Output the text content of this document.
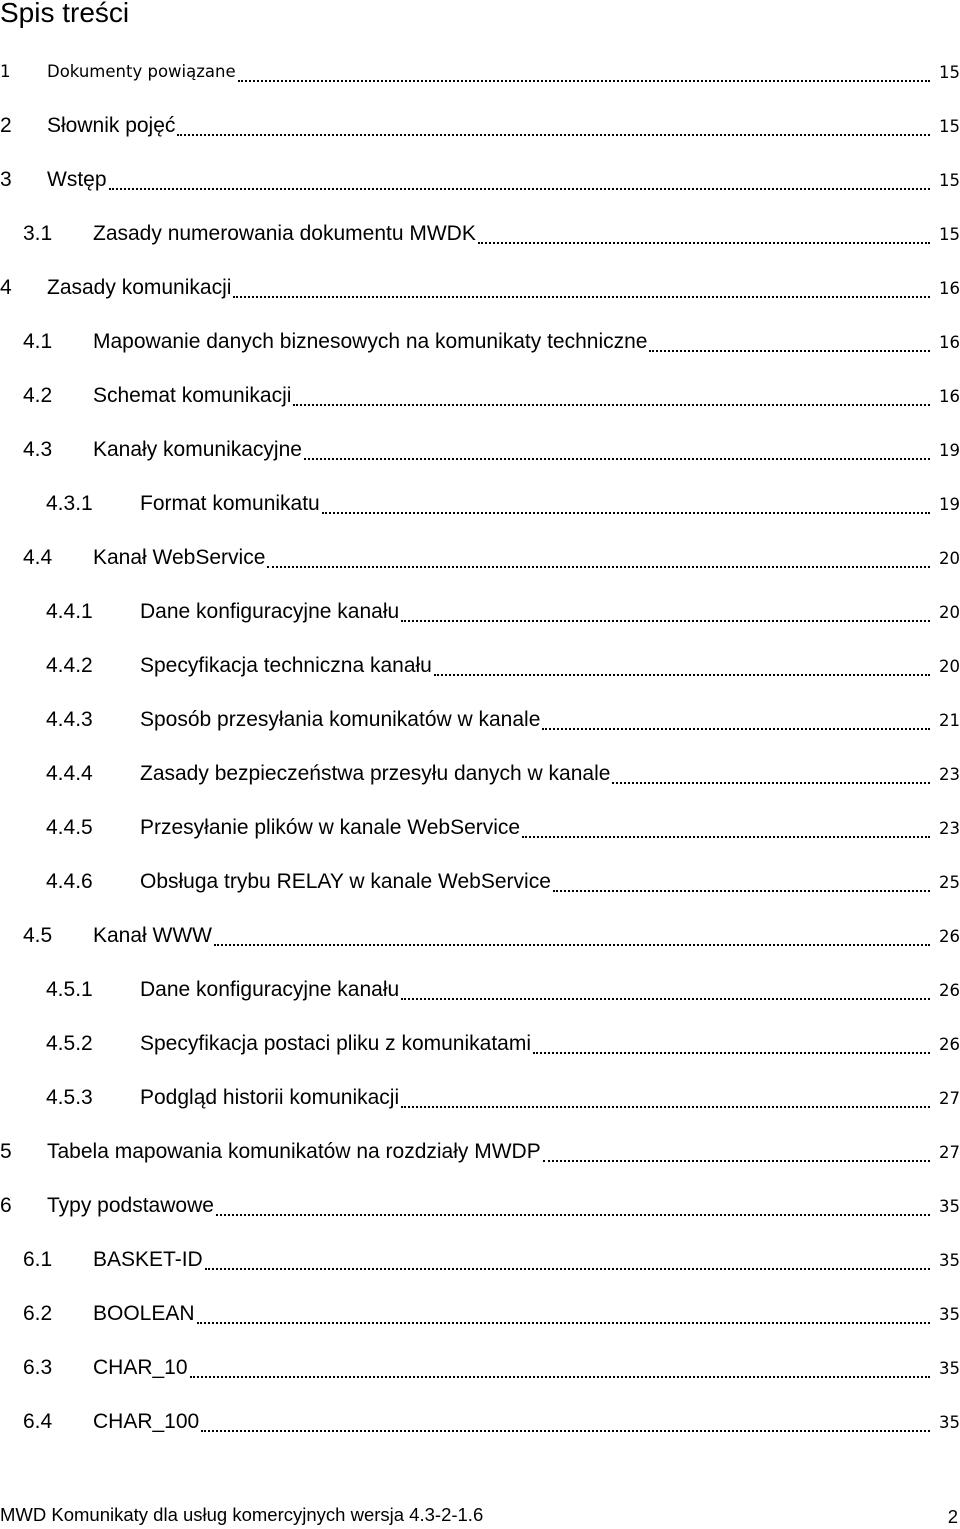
Spis treści
1 Dokumenty powiązane	15
2 Słownik pojęć	15
3 Wstęp	15
3.1 Zasady numerowania dokumentu MWDK	15
4 Zasady komunikacji	16
4.1 Mapowanie danych biznesowych na komunikaty techniczne	16
4.2 Schemat komunikacji	16
4.3 Kanały komunikacyjne	19
4.3.1 Format komunikatu	19
4.4 Kanał WebService	20
4.4.1 Dane konfiguracyjne kanału	20
4.4.2 Specyfikacja techniczna kanału	20
4.4.3 Sposób przesyłania komunikatów w kanale	21
4.4.4 Zasady bezpieczeństwa przesyłu danych w kanale	23
4.4.5 Przesyłanie plików w kanale WebService	23
4.4.6 Obsługa trybu RELAY w kanale WebService	25
4.5 Kanał WWW	26
4.5.1 Dane konfiguracyjne kanału	26
4.5.2 Specyfikacja postaci pliku z komunikatami	26
4.5.3 Podgląd historii komunikacji	27
5 Tabela mapowania komunikatów na rozdziały MWDP	27
6 Typy podstawowe	35
6.1 BASKET-ID	35
6.2 BOOLEAN	35
6.3 CHAR_10	35
6.4 CHAR_100	35
MWD Komunikaty dla usług komercyjnych wersja 4.3-2-1.6	2
